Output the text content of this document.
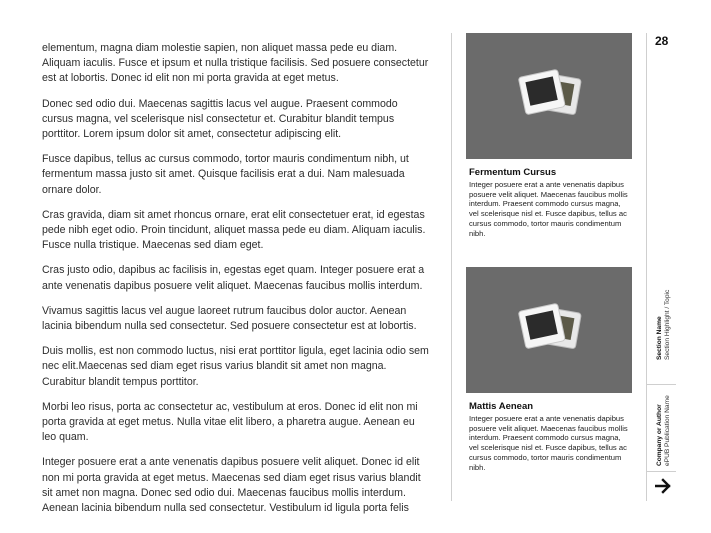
elementum, magna diam molestie sapien, non aliquet massa pede eu diam. Aliquam iaculis. Fusce et ipsum et nulla tristique facilisis. Sed posuere consectetur est at lobortis. Donec id elit non mi porta gravida at eget metus.

Donec sed odio dui. Maecenas sagittis lacus vel augue. Praesent commodo cursus magna, vel scelerisque nisl consectetur et. Curabitur blandit tempus porttitor. Lorem ipsum dolor sit amet, consectetur adipiscing elit.

Fusce dapibus, tellus ac cursus commodo, tortor mauris condimentum nibh, ut fermentum massa justo sit amet. Quisque facilisis erat a dui. Nam malesuada ornare dolor.

Cras gravida, diam sit amet rhoncus ornare, erat elit consectetuer erat, id egestas pede nibh eget odio. Proin tincidunt, aliquet massa pede eu diam. Aliquam iaculis. Fusce nulla tristique. Maecenas sed diam eget.

Cras justo odio, dapibus ac facilisis in, egestas eget quam. Integer posuere erat a ante venenatis dapibus posuere velit aliquet. Maecenas faucibus mollis interdum.

Vivamus sagittis lacus vel augue laoreet rutrum faucibus dolor auctor. Aenean lacinia bibendum nulla sed consectetur. Sed posuere consectetur est at lobortis.

Duis mollis, est non commodo luctus, nisi erat porttitor ligula, eget lacinia odio sem nec elit.Maecenas sed diam eget risus varius blandit sit amet non magna. Curabitur blandit tempus porttitor.

Morbi leo risus, porta ac consectetur ac, vestibulum at eros. Donec id elit non mi porta gravida at eget metus. Nulla vitae elit libero, a pharetra augue. Aenean eu leo quam.

Integer posuere erat a ante venenatis dapibus posuere velit aliquet. Donec id elit non mi porta gravida at eget metus. Maecenas sed diam eget risus varius blandit sit amet non magna. Donec sed odio dui. Maecenas faucibus mollis interdum. Aenean lacinia bibendum nulla sed consectetur. Vestibulum id ligula porta felis

Fermentum Cursus
Integer posuere erat a ante venenatis dapibus posuere velit aliquet. Maecenas faucibus mollis interdum. Praesent commodo cursus magna, vel scelerisque nisl et. Fusce dapibus, tellus ac cursus commodo, tortor mauris condimentum nibh.
Mattis Aenean
Integer posuere erat a ante venenatis dapibus posuere velit aliquet. Maecenas faucibus mollis interdum. Praesent commodo cursus magna, vel scelerisque nisl et. Fusce dapibus, tellus ac cursus commodo, tortor mauris condimentum nibh.
28
Section Name
Section Highlight / Topic
Company or Author
ePUB Publication Name
